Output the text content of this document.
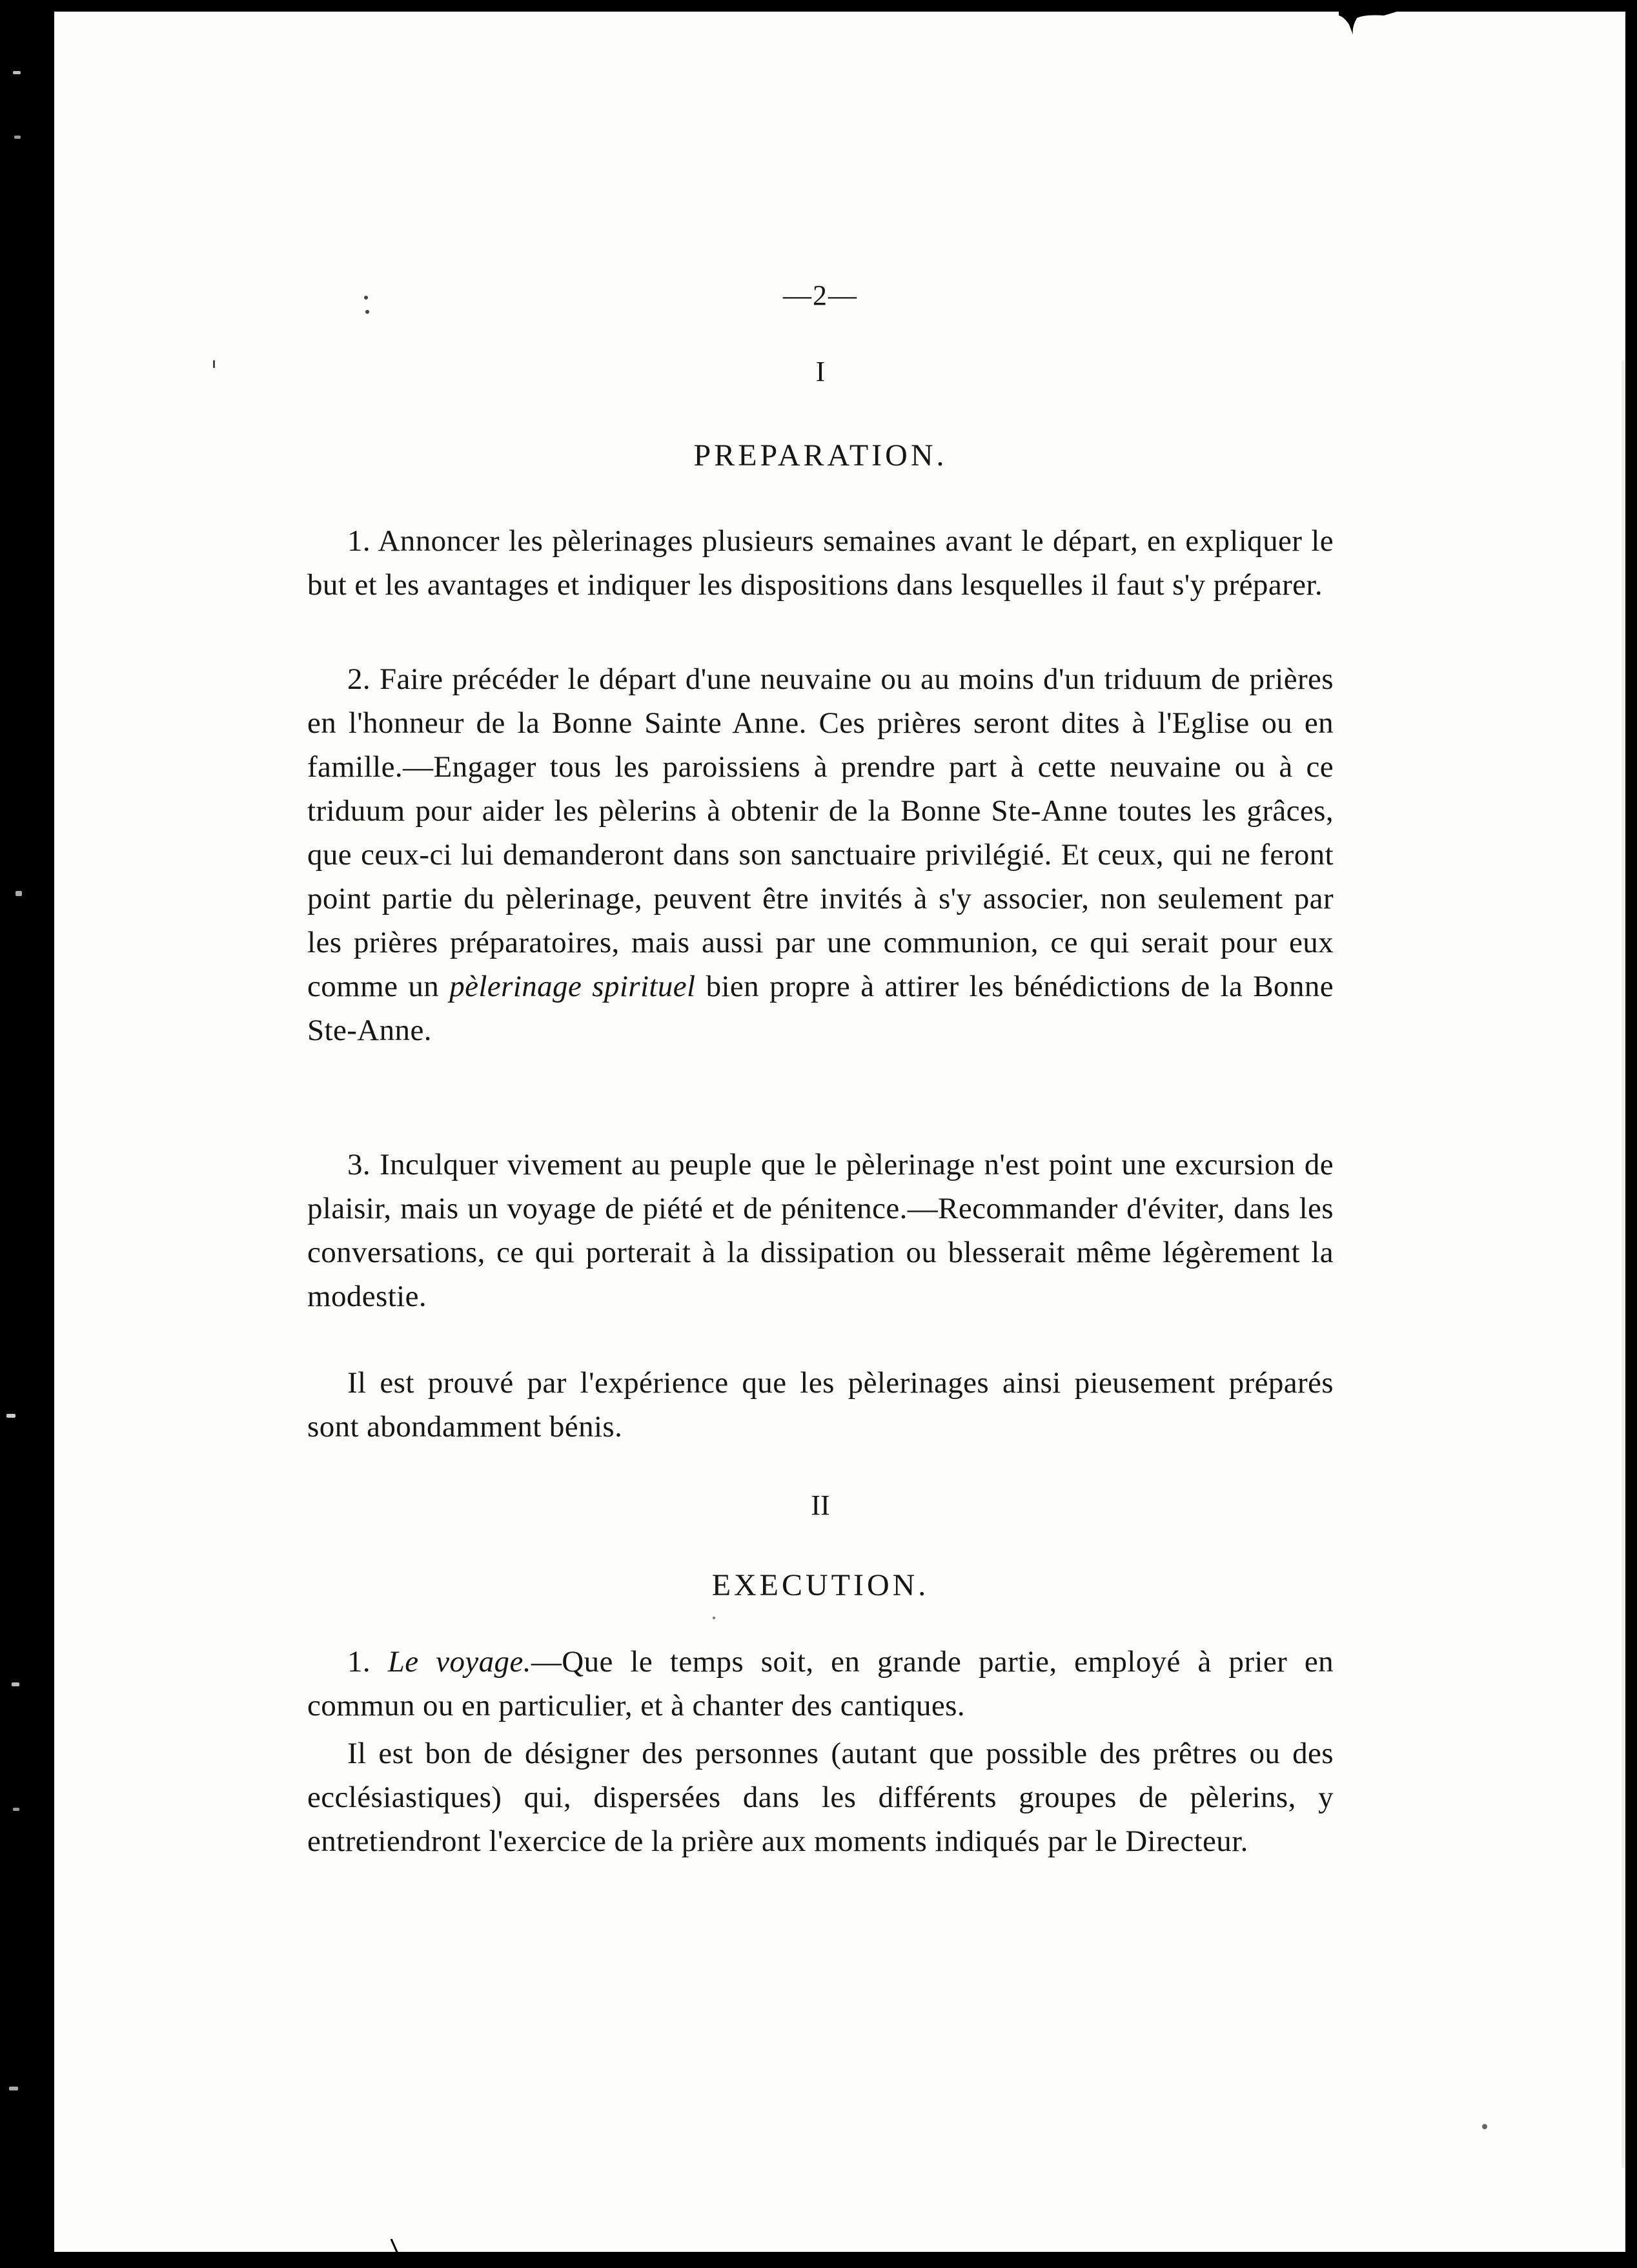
—2—
I
PREPARATION.

1. Annoncer les pèlerinages plusieurs semaines avant le départ, en expliquer le but et les avantages et indiquer les dispositions dans lesquelles il faut s'y préparer.

2. Faire précéder le départ d'une neuvaine ou au moins d'un triduum de prières en l'honneur de la Bonne Sainte Anne. Ces prières seront dites à l'Eglise ou en famille.—Engager tous les paroissiens à prendre part à cette neuvaine ou à ce triduum pour aider les pèlerins à obtenir de la Bonne Ste-Anne toutes les grâces, que ceux-ci lui demanderont dans son sanctuaire privilégié. Et ceux, qui ne feront point partie du pèlerinage, peuvent être invités à s'y associer, non seulement par les prières préparatoires, mais aussi par une communion, ce qui serait pour eux comme un pèlerinage spirituel bien propre à attirer les bénédictions de la Bonne Ste-Anne.

3. Inculquer vivement au peuple que le pèlerinage n'est point une excursion de plaisir, mais un voyage de piété et de pénitence.—Recommander d'éviter, dans les conversations, ce qui porterait à la dissipation ou blesserait même légèrement la modestie.

Il est prouvé par l'expérience que les pèlerinages ainsi pieusement préparés sont abondamment bénis.

II
EXECUTION.

1. Le voyage.—Que le temps soit, en grande partie, employé à prier en commun ou en particulier, et à chanter des cantiques.

Il est bon de désigner des personnes (autant que possible des prêtres ou des ecclésiastiques) qui, dispersées dans les différents groupes de pèlerins, y entretiendront l'exercice de la prière aux moments indiqués par le Directeur.
